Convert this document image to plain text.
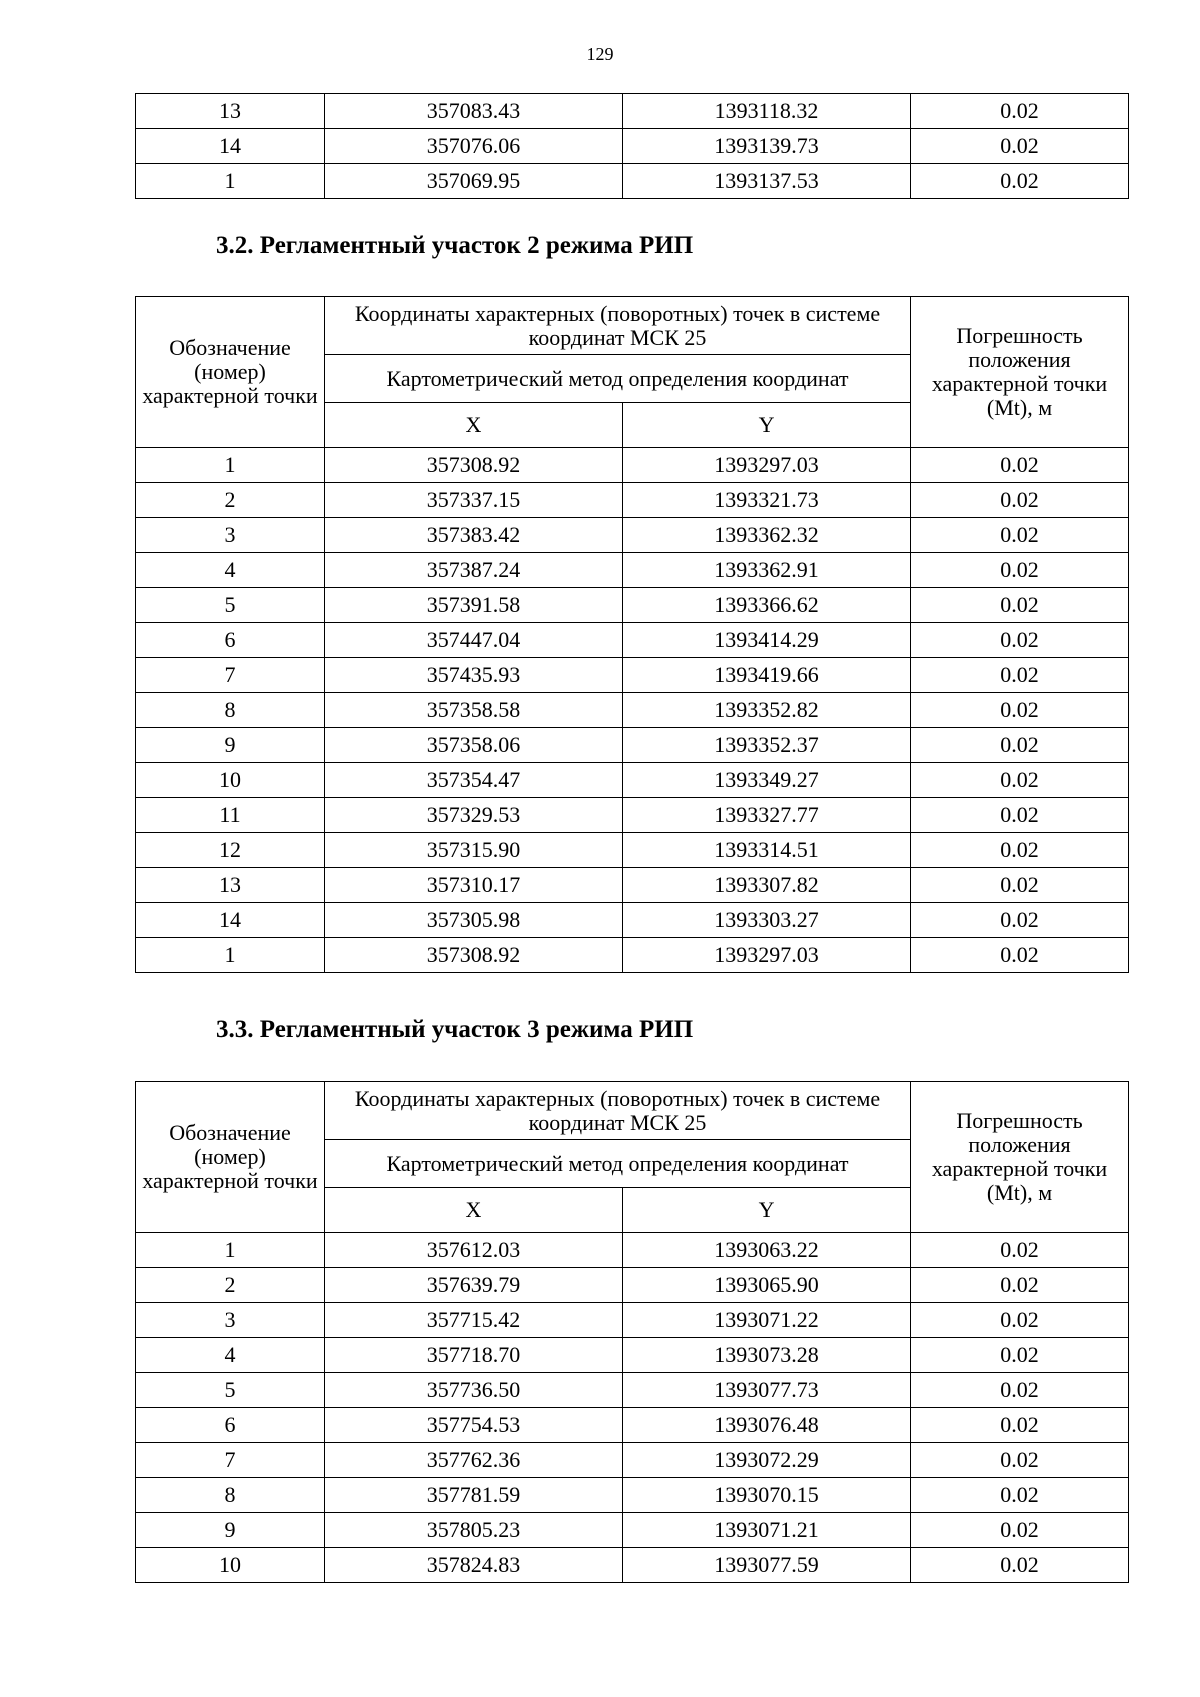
129
13	357083.43	1393118.32	0.02
14	357076.06	1393139.73	0.02
1	357069.95	1393137.53	0.02
3.2. Регламентный участок 2 режима РИП
Обозначение (номер) характерной точки	Координаты характерных (поворотных) точек в системе координат МСК 25		Погрешность положения характерной точки (Mt), м
	Картометрический метод определения координат		
	X	Y	
1	357308.92	1393297.03	0.02
2	357337.15	1393321.73	0.02
3	357383.42	1393362.32	0.02
4	357387.24	1393362.91	0.02
5	357391.58	1393366.62	0.02
6	357447.04	1393414.29	0.02
7	357435.93	1393419.66	0.02
8	357358.58	1393352.82	0.02
9	357358.06	1393352.37	0.02
10	357354.47	1393349.27	0.02
11	357329.53	1393327.77	0.02
12	357315.90	1393314.51	0.02
13	357310.17	1393307.82	0.02
14	357305.98	1393303.27	0.02
1	357308.92	1393297.03	0.02
3.3. Регламентный участок 3 режима РИП
Обозначение (номер) характерной точки	Координаты характерных (поворотных) точек в системе координат МСК 25		Погрешность положения характерной точки (Mt), м
	Картометрический метод определения координат		
	X	Y	
1	357612.03	1393063.22	0.02
2	357639.79	1393065.90	0.02
3	357715.42	1393071.22	0.02
4	357718.70	1393073.28	0.02
5	357736.50	1393077.73	0.02
6	357754.53	1393076.48	0.02
7	357762.36	1393072.29	0.02
8	357781.59	1393070.15	0.02
9	357805.23	1393071.21	0.02
10	357824.83	1393077.59	0.02
